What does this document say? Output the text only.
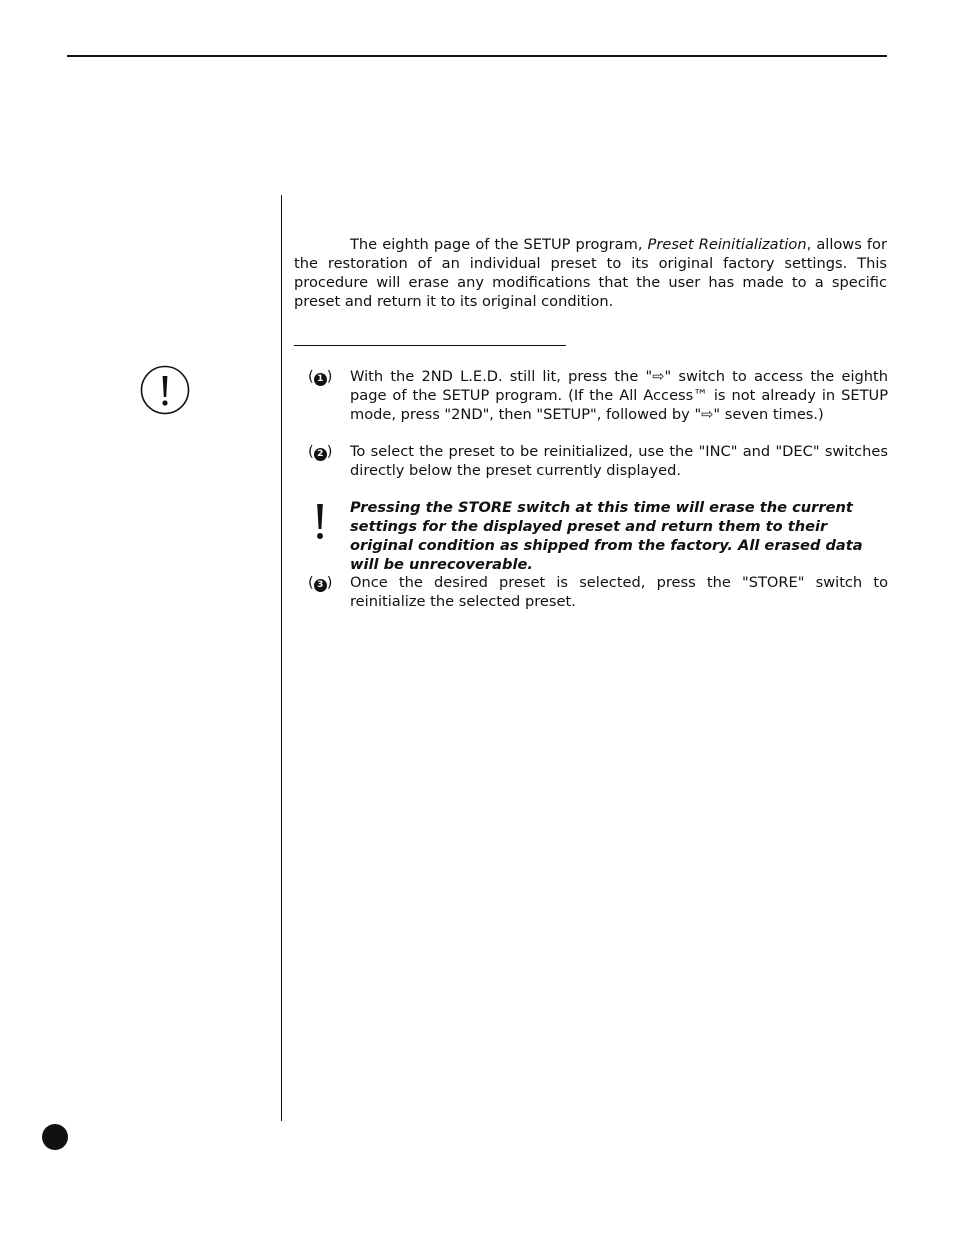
The eighth page of the SETUP program, Preset Reinitialization, allows for the restoration of an individual preset to its original factory settings. This procedure will erase any modifications that the user has made to a specific preset and return it to its original condition.

( 1 ) With the 2ND L.E.D. still lit, press the "⇨" switch to access the eighth page of the SETUP program. (If the All Access™ is not already in SETUP mode, press "2ND", then "SETUP", followed by "⇨" seven times.)
( 2 ) To select the preset to be reinitialized, use the "INC" and "DEC" switches directly below the preset currently displayed.

Pressing the STORE switch at this time will erase the current settings for the displayed preset and return them to their original condition as shipped from the factory. All erased data will be unrecoverable.

( 3 ) Once the desired preset is selected, press the "STORE" switch to reinitialize the selected preset.
